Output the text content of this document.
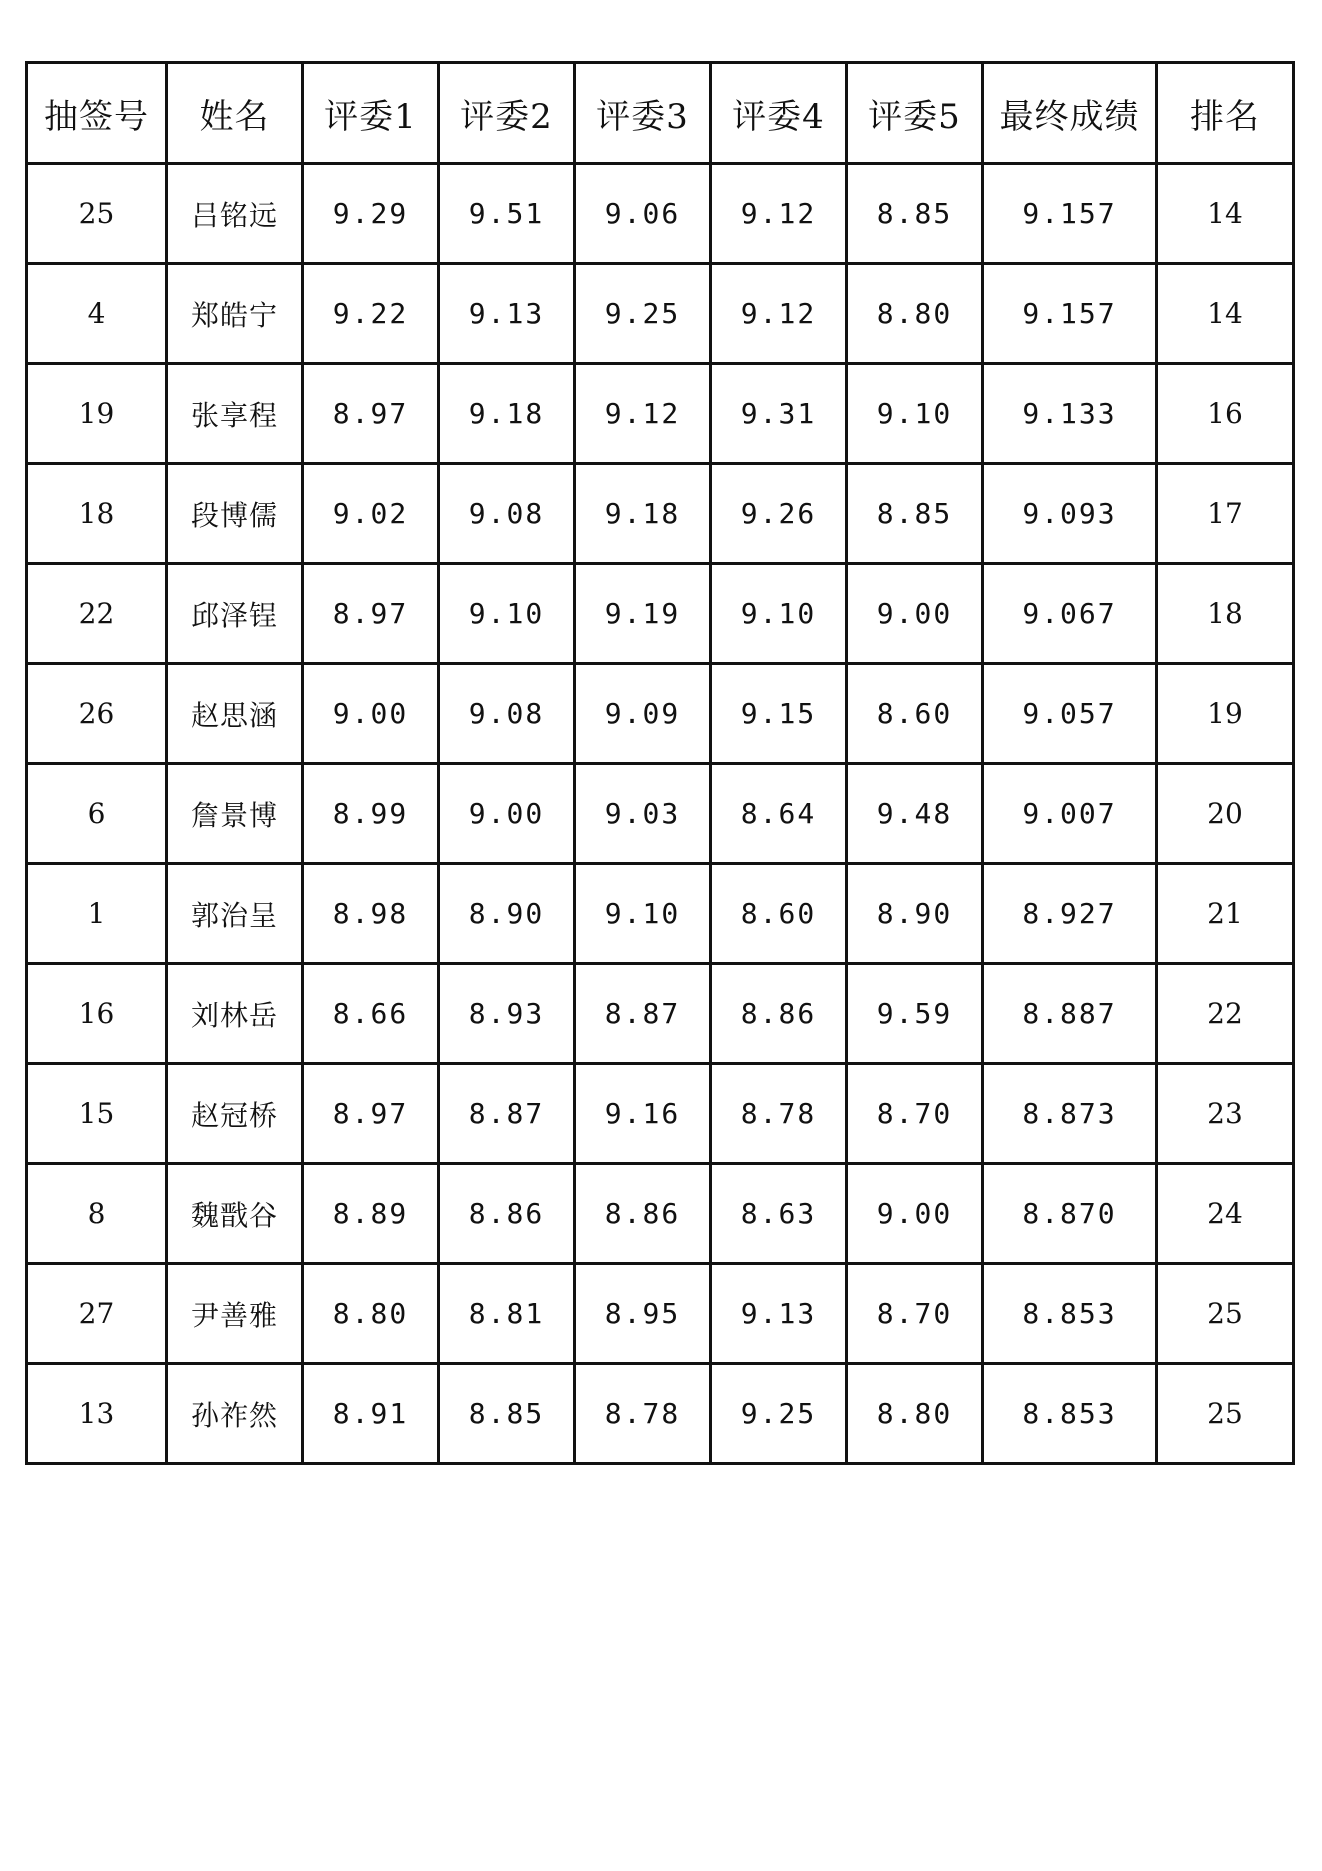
抽签号	姓名	评委1	评委2	评委3	评委4	评委5	最终成绩	排名
25	吕铭远	9.29	9.51	9.06	9.12	8.85	9.157	14
4	郑皓宁	9.22	9.13	9.25	9.12	8.80	9.157	14
19	张享程	8.97	9.18	9.12	9.31	9.10	9.133	16
18	段博儒	9.02	9.08	9.18	9.26	8.85	9.093	17
22	邱泽锃	8.97	9.10	9.19	9.10	9.00	9.067	18
26	赵思涵	9.00	9.08	9.09	9.15	8.60	9.057	19
6	詹景博	8.99	9.00	9.03	8.64	9.48	9.007	20
1	郭治呈	8.98	8.90	9.10	8.60	8.90	8.927	21
16	刘林岳	8.66	8.93	8.87	8.86	9.59	8.887	22
15	赵冠桥	8.97	8.87	9.16	8.78	8.70	8.873	23
8	魏戬谷	8.89	8.86	8.86	8.63	9.00	8.870	24
27	尹善雅	8.80	8.81	8.95	9.13	8.70	8.853	25
13	孙祚然	8.91	8.85	8.78	9.25	8.80	8.853	25
